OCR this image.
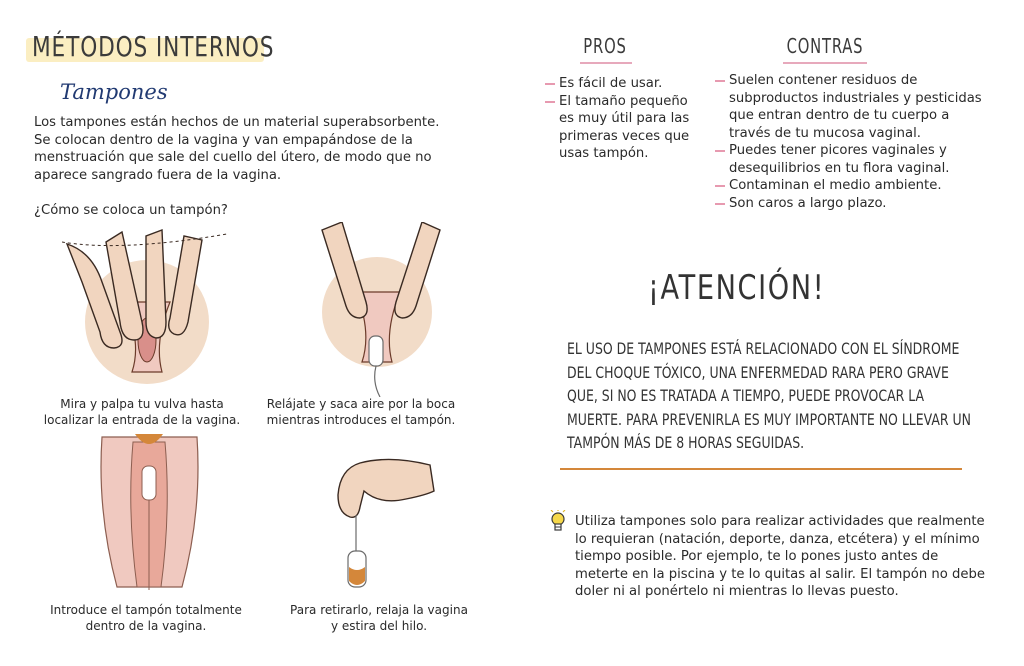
MÉTODOS INTERNOS
Tampones
Los tampones están hechos de un material superabsorbente. Se colocan dentro de la vagina y van empapándose de la menstruación que sale del cuello del útero, de modo que no aparece sangrado fuera de la vagina.
¿Cómo se coloca un tampón?
Mira y palpa tu vulva hasta
localizar la entrada de la vagina.
Relájate y saca aire por la boca
mientras introduces el tampón.
Introduce el tampón totalmente
dentro de la vagina.
Para retirarlo, relaja la vagina
y estira del hilo.
PROS	CONTRAS
Es fácil de usar.
El tamaño pequeño es muy útil para las primeras veces que usas tampón.
Suelen contener residuos de subproductos industriales y pesticidas que entran dentro de tu cuerpo a través de tu mucosa vaginal.
Puedes tener picores vaginales y desequilibrios en tu flora vaginal.
Contaminan el medio ambiente.
Son caros a largo plazo.
¡ATENCIÓN!
EL USO DE TAMPONES ESTÁ RELACIONADO CON EL SÍNDROME DEL CHOQUE TÓXICO, UNA ENFERMEDAD RARA PERO GRAVE QUE, SI NO ES TRATADA A TIEMPO, PUEDE PROVOCAR LA MUERTE. PARA PREVENIRLA ES MUY IMPORTANTE NO LLEVAR UN TAMPÓN MÁS DE 8 HORAS SEGUIDAS.
Utiliza tampones solo para realizar actividades que realmente lo requieran (natación, deporte, danza, etcétera) y el mínimo tiempo posible. Por ejemplo, te lo pones justo antes de meterte en la piscina y te lo quitas al salir. El tampón no debe doler ni al ponértelo ni mientras lo llevas puesto.
